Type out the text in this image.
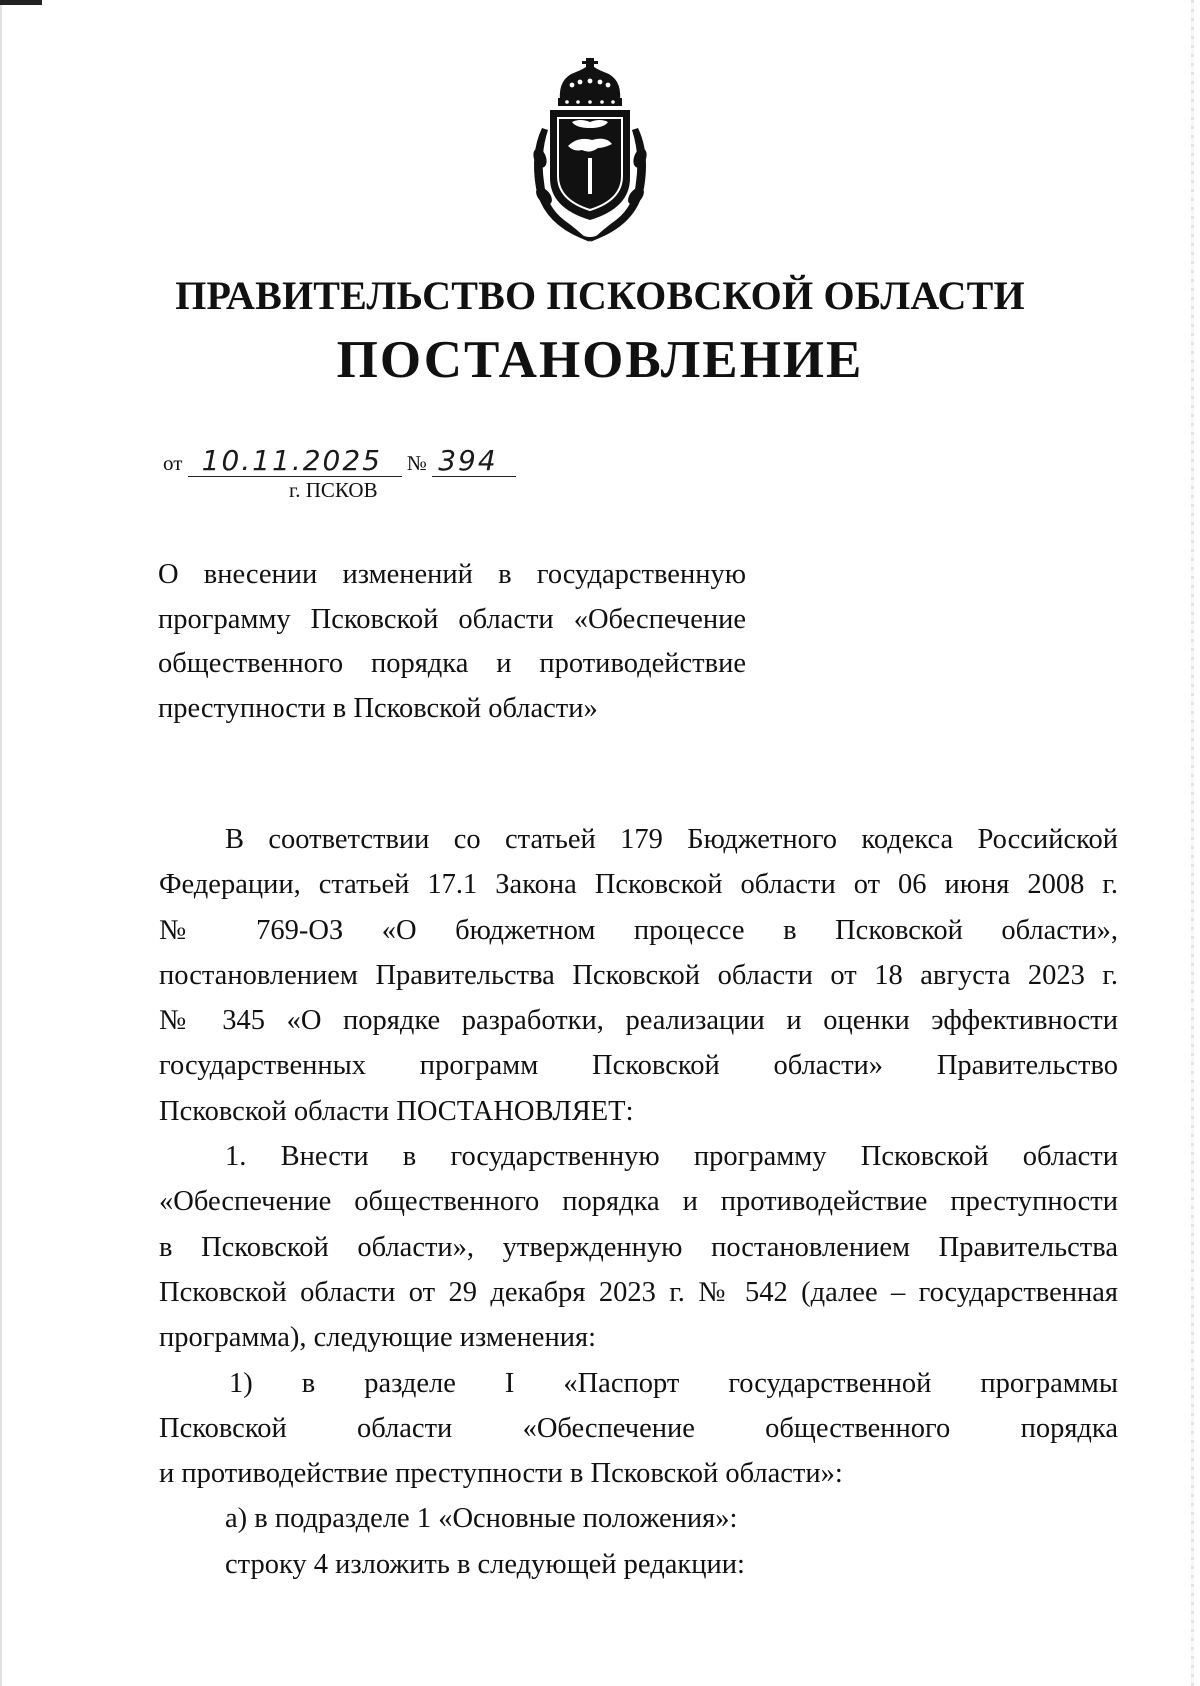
ПРАВИТЕЛЬСТВО ПСКОВСКОЙ ОБЛАСТИ
ПОСТАНОВЛЕНИЕ
от 10.11.2025 № 394
г. ПСКОВ
О внесении изменений в государственную
программу Псковской области «Обеспечение
общественного порядка и противодействие
преступности в Псковской области»
В соответствии со статьей 179 Бюджетного кодекса Российской
Федерации, статьей 17.1 Закона Псковской области от 06 июня 2008 г.
№ 769-ОЗ «О бюджетном процессе в Псковской области»,
постановлением Правительства Псковской области от 18 августа 2023 г.
№ 345 «О порядке разработки, реализации и оценки эффективности
государственных программ Псковской области» Правительство
Псковской области ПОСТАНОВЛЯЕТ:
1. Внести в государственную программу Псковской области
«Обеспечение общественного порядка и противодействие преступности
в Псковской области», утвержденную постановлением Правительства
Псковской области от 29 декабря 2023 г. № 542 (далее – государственная
программа), следующие изменения:
1) в разделе I «Паспорт государственной программы
Псковской области «Обеспечение общественного порядка
и противодействие преступности в Псковской области»:
а) в подразделе 1 «Основные положения»:
строку 4 изложить в следующей редакции:
